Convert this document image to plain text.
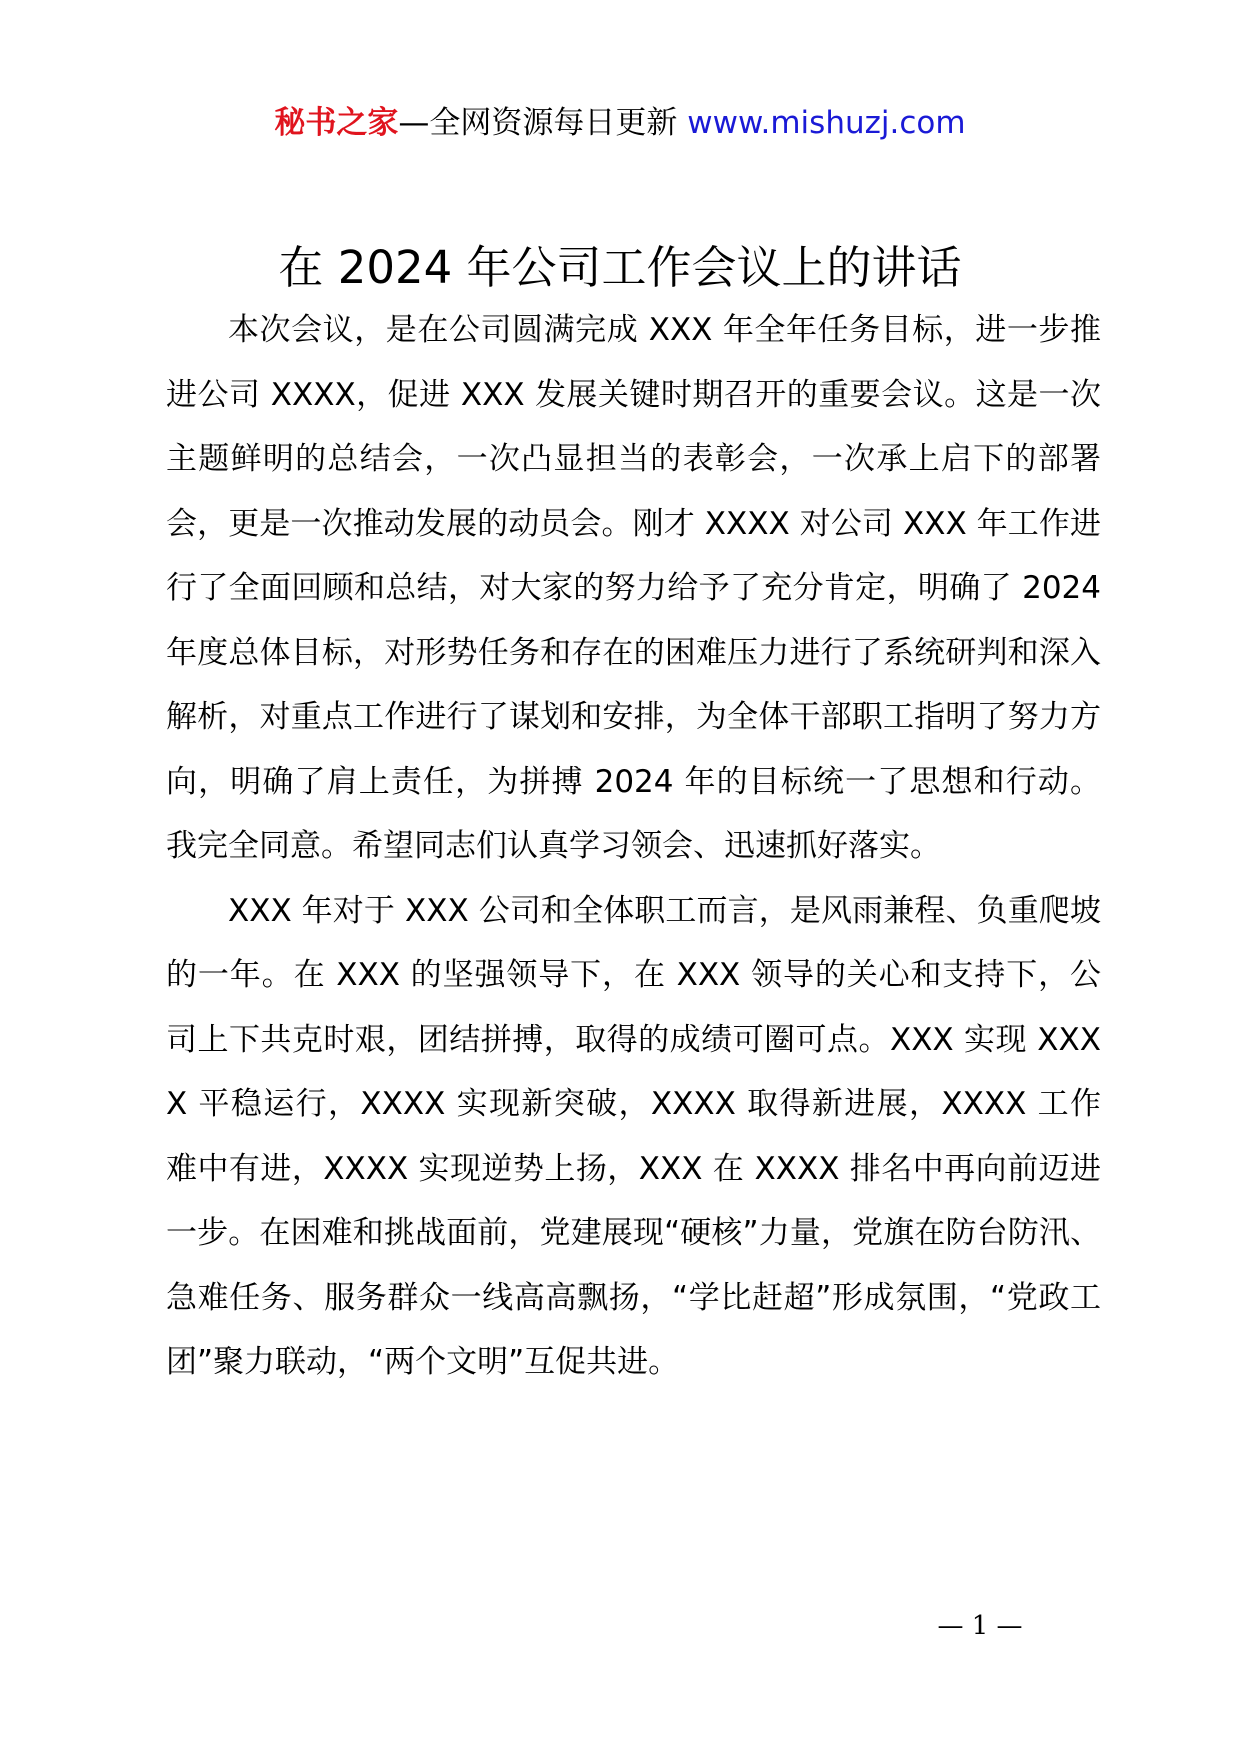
秘书之家—全网资源每日更新 www.mishuzj.com
在 2024 年公司工作会议上的讲话

本次会议，是在公司圆满完成 XXX 年全年任务目标，进一步推进公司 XXXX，促进 XXX 发展关键时期召开的重要会议。这是一次主题鲜明的总结会，一次凸显担当的表彰会，一次承上启下的部署会，更是一次推动发展的动员会。刚才 XXXX 对公司 XXX 年工作进行了全面回顾和总结，对大家的努力给予了充分肯定，明确了 2024 年度总体目标，对形势任务和存在的困难压力进行了系统研判和深入解析，对重点工作进行了谋划和安排，为全体干部职工指明了努力方向，明确了肩上责任，为拼搏 2024 年的目标统一了思想和行动。我完全同意。希望同志们认真学习领会、迅速抓好落实。

XXX 年对于 XXX 公司和全体职工而言，是风雨兼程、负重爬坡的一年。在 XXX 的坚强领导下，在 XXX 领导的关心和支持下，公司上下共克时艰，团结拼搏，取得的成绩可圈可点。XXX 实现 XXXX 平稳运行，XXXX 实现新突破，XXXX 取得新进展，XXXX 工作难中有进，XXXX 实现逆势上扬，XXX 在 XXXX 排名中再向前迈进一步。在困难和挑战面前，党建展现“硬核”力量，党旗在防台防汛、急难任务、服务群众一线高高飘扬，“学比赶超”形成氛围，“党政工团”聚力联动，“两个文明”互促共进。

— 1 —
